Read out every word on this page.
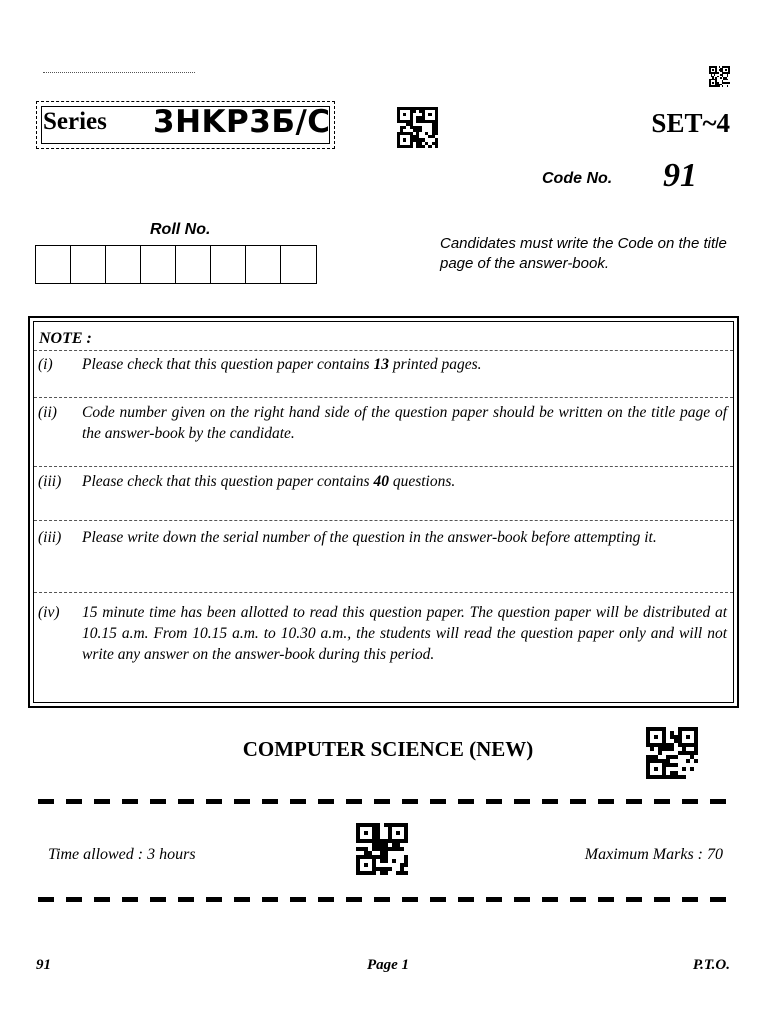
Series 3HKP3Б/C	SET~4
Code No. 91
Roll No.
Candidates must write the Code on the title page of the answer-book.
NOTE :
(i) Please check that this question paper contains 13 printed pages.
(ii) Code number given on the right hand side of the question paper should be written on the title page of the answer-book by the candidate.
(iii) Please check that this question paper contains 40 questions.
(iii) Please write down the serial number of the question in the answer-book before attempting it.
(iv) 15 minute time has been allotted to read this question paper. The question paper will be distributed at 10.15 a.m. From 10.15 a.m. to 10.30 a.m., the students will read the question paper only and will not write any answer on the answer-book during this period.
COMPUTER SCIENCE (NEW)
Time allowed : 3 hours	Maximum Marks : 70
91	Page 1	P.T.O.
